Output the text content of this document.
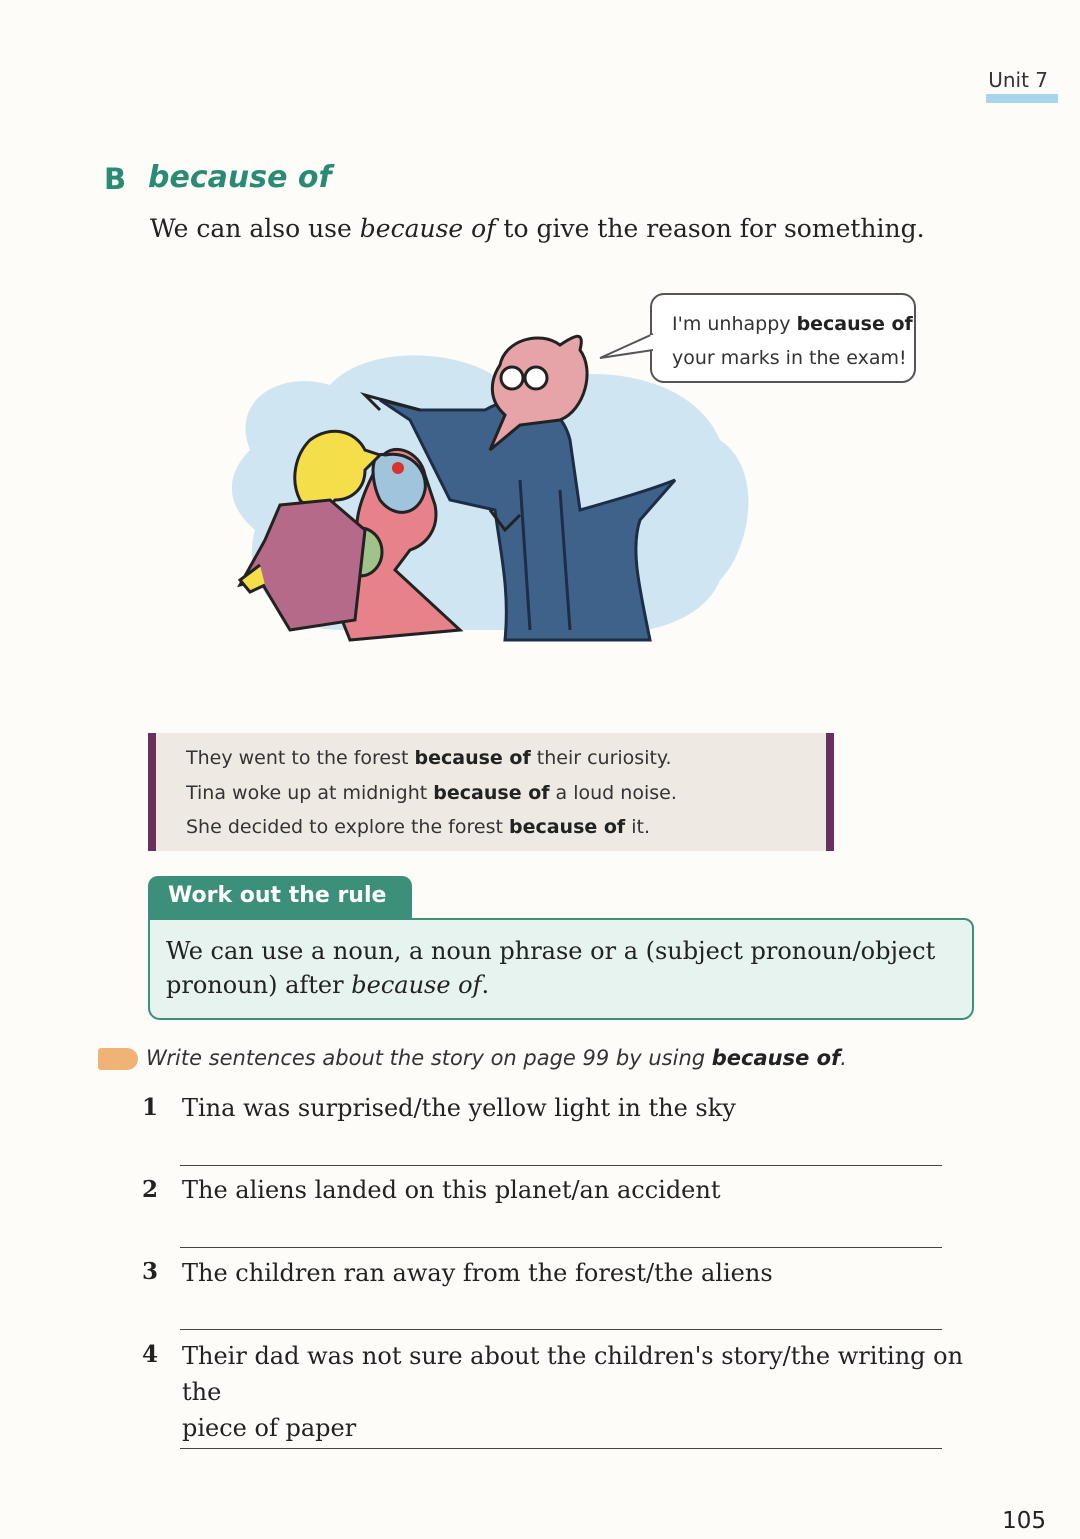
Unit 7
B because of
We can also use because of to give the reason for something.
I'm unhappy because of
your marks in the exam!
They went to the forest because of their curiosity.
Tina woke up at midnight because of a loud noise.
She decided to explore the forest because of it.
Work out the rule
We can use a noun, a noun phrase or a (subject pronoun/object
pronoun) after because of.
Write sentences about the story on page 99 by using because of.
1 Tina was surprised/the yellow light in the sky
2 The aliens landed on this planet/an accident
3 The children ran away from the forest/the aliens
4 Their dad was not sure about the children's story/the writing on the
piece of paper
105
